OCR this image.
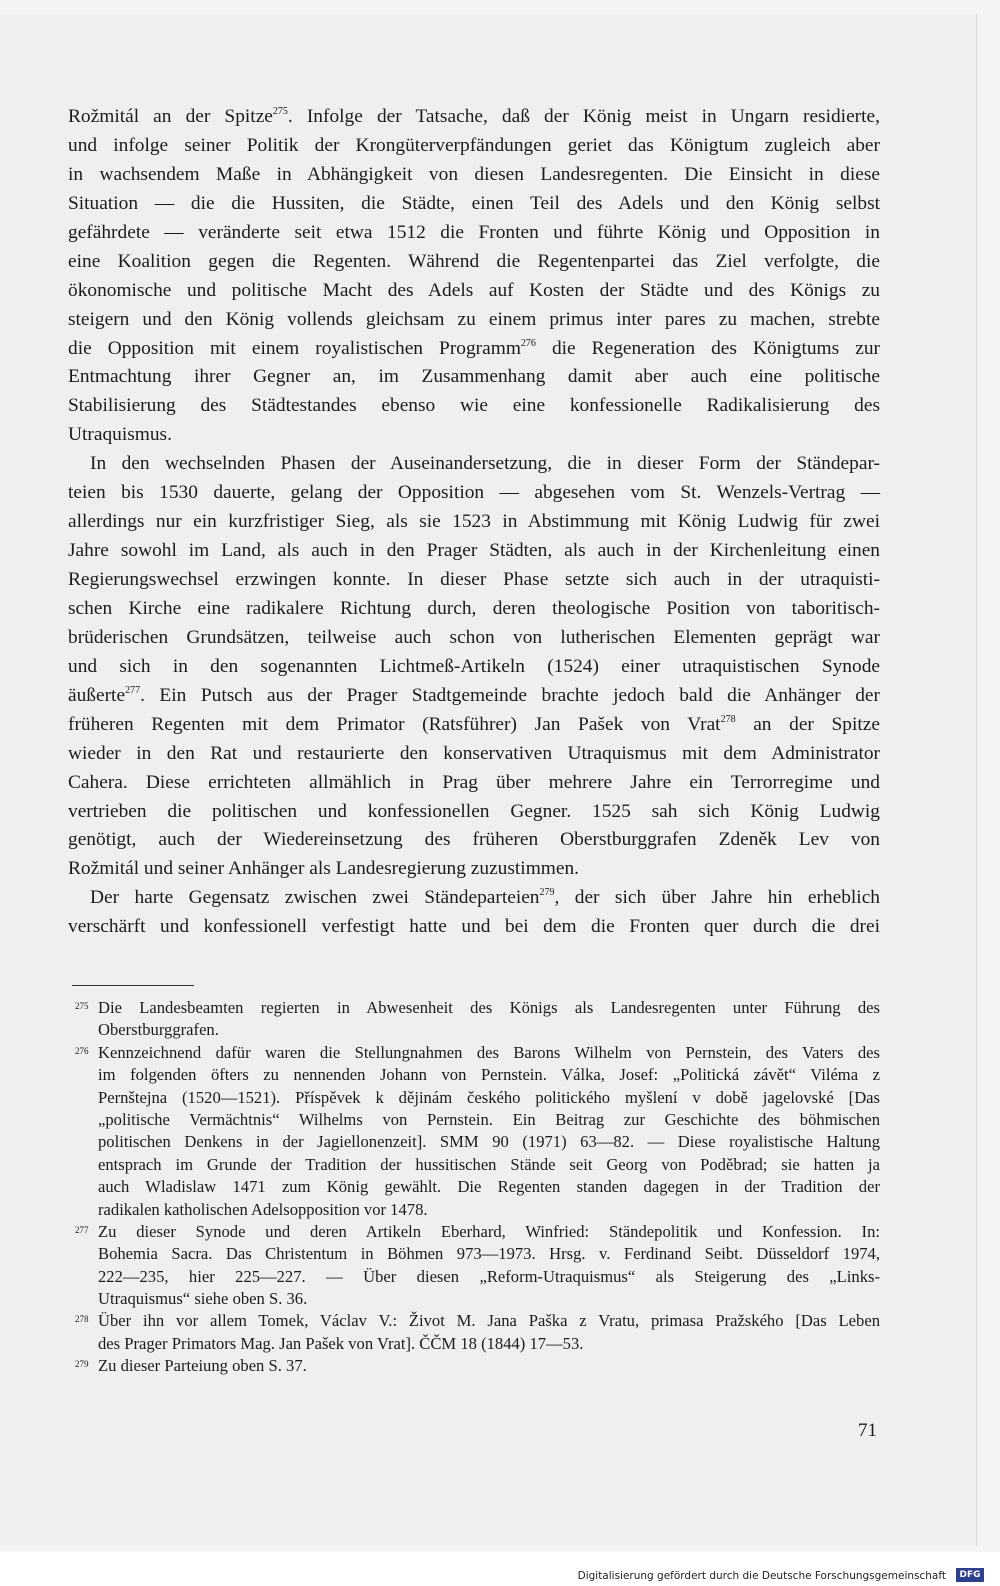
Rožmitál an der Spitze$^{275}$. Infolge der Tatsache, daß der König meist in Ungarn residierte,
und infolge seiner Politik der Krongüterverpfändungen geriet das Königtum zugleich aber
in wachsendem Maße in Abhängigkeit von diesen Landesregenten. Die Einsicht in diese
Situation — die die Hussiten, die Städte, einen Teil des Adels und den König selbst
gefährdete — veränderte seit etwa 1512 die Fronten und führte König und Opposition in
eine Koalition gegen die Regenten. Während die Regentenpartei das Ziel verfolgte, die
ökonomische und politische Macht des Adels auf Kosten der Städte und des Königs zu
steigern und den König vollends gleichsam zu einem primus inter pares zu machen, strebte
die Opposition mit einem royalistischen Programm$^{276}$ die Regeneration des Königtums zur
Entmachtung ihrer Gegner an, im Zusammenhang damit aber auch eine politische
Stabilisierung des Städtestandes ebenso wie eine konfessionelle Radikalisierung des
Utraquismus.
In den wechselnden Phasen der Auseinandersetzung, die in dieser Form der Ständepar-
teien bis 1530 dauerte, gelang der Opposition — abgesehen vom St. Wenzels-Vertrag —
allerdings nur ein kurzfristiger Sieg, als sie 1523 in Abstimmung mit König Ludwig für zwei
Jahre sowohl im Land, als auch in den Prager Städten, als auch in der Kirchenleitung einen
Regierungswechsel erzwingen konnte. In dieser Phase setzte sich auch in der utraquisti-
schen Kirche eine radikalere Richtung durch, deren theologische Position von taboritisch-
brüderischen Grundsätzen, teilweise auch schon von lutherischen Elementen geprägt war
und sich in den sogenannten Lichtmeß-Artikeln (1524) einer utraquistischen Synode
äußerte$^{277}$. Ein Putsch aus der Prager Stadtgemeinde brachte jedoch bald die Anhänger der
früheren Regenten mit dem Primator (Ratsführer) Jan Pašek von Vrat$^{278}$ an der Spitze
wieder in den Rat und restaurierte den konservativen Utraquismus mit dem Administrator
Cahera. Diese errichteten allmählich in Prag über mehrere Jahre ein Terrorregime und
vertrieben die politischen und konfessionellen Gegner. 1525 sah sich König Ludwig
genötigt, auch der Wiedereinsetzung des früheren Oberstburggrafen Zdeněk Lev von
Rožmitál und seiner Anhänger als Landesregierung zuzustimmen.
Der harte Gegensatz zwischen zwei Ständeparteien$^{279}$, der sich über Jahre hin erheblich
verschärft und konfessionell verfestigt hatte und bei dem die Fronten quer durch die drei
275 Die Landesbeamten regierten in Abwesenheit des Königs als Landesregenten unter Führung des
Oberstburggrafen.
276 Kennzeichnend dafür waren die Stellungnahmen des Barons Wilhelm von Pernstein, des Vaters des
im folgenden öfters zu nennenden Johann von Pernstein. Válka, Josef: „Politická závět“ Viléma z
Pernštejna (1520—1521). Příspěvek k dějinám českého politického myšlení v době jagelovské [Das
„politische Vermächtnis“ Wilhelms von Pernstein. Ein Beitrag zur Geschichte des böhmischen
politischen Denkens in der Jagiellonenzeit]. SMM 90 (1971) 63—82. — Diese royalistische Haltung
entsprach im Grunde der Tradition der hussitischen Stände seit Georg von Poděbrad; sie hatten ja
auch Wladislaw 1471 zum König gewählt. Die Regenten standen dagegen in der Tradition der
radikalen katholischen Adelsopposition vor 1478.
277 Zu dieser Synode und deren Artikeln Eberhard, Winfried: Ständepolitik und Konfession. In:
Bohemia Sacra. Das Christentum in Böhmen 973—1973. Hrsg. v. Ferdinand Seibt. Düsseldorf 1974,
222—235, hier 225—227. — Über diesen „Reform-Utraquismus“ als Steigerung des „Links-
Utraquismus“ siehe oben S. 36.
278 Über ihn vor allem Tomek, Václav V.: Život M. Jana Paška z Vratu, primasa Pražského [Das Leben
des Prager Primators Mag. Jan Pašek von Vrat]. ČČM 18 (1844) 17—53.
279 Zu dieser Parteiung oben S. 37.
71
Digitalisierung gefördert durch die Deutsche Forschungsgemeinschaft	DFG
